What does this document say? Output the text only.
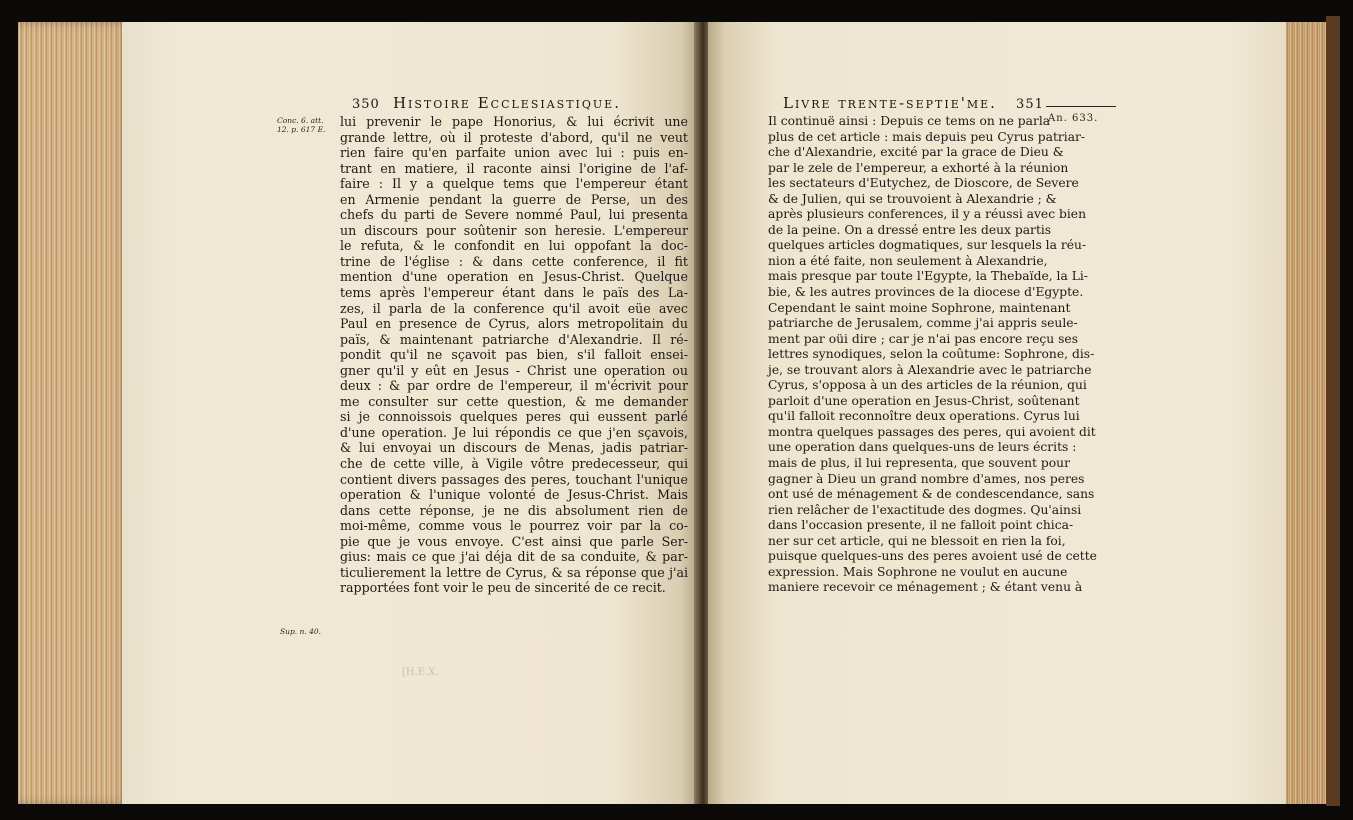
350 Histoire Ecclesiastique.
Conc. 6. att.
12. p. 617 E.
Sup. n. 40.
lui prevenir le pape Honorius, & lui écrivit une
grande lettre, où il proteste d'abord, qu'il ne veut
rien faire qu'en parfaite union avec lui : puis en-
trant en matiere, il raconte ainsi l'origine de l'af-
faire : Il y a quelque tems que l'empereur étant
en Armenie pendant la guerre de Perse, un des
chefs du parti de Severe nommé Paul, lui presenta
un discours pour soûtenir son heresie. L'empereur
le refuta, & le confondit en lui oppofant la doc-
trine de l'église : & dans cette conference, il fit
mention d'une operation en Jesus-Christ. Quelque
tems après l'empereur étant dans le païs des La-
zes, il parla de la conference qu'il avoit eüe avec
Paul en presence de Cyrus, alors metropolitain du
païs, & maintenant patriarche d'Alexandrie. Il ré-
pondit qu'il ne sçavoit pas bien, s'il falloit ensei-
gner qu'il y eût en Jesus - Christ une operation ou
deux : & par ordre de l'empereur, il m'écrivit pour
me consulter sur cette question, & me demander
si je connoissois quelques peres qui eussent parlé
d'une operation. Je lui répondis ce que j'en sçavois,
& lui envoyai un discours de Menas, jadis patriar-
che de cette ville, à Vigile vôtre predecesseur, qui
contient divers passages des peres, touchant l'unique
operation & l'unique volonté de Jesus-Christ. Mais
dans cette réponse, je ne dis absolument rien de
moi-même, comme vous le pourrez voir par la co-
pie que je vous envoye. C'est ainsi que parle Ser-
gius: mais ce que j'ai déja dit de sa conduite, & par-
ticulierement la lettre de Cyrus, & sa réponse que j'ai
rapportées font voir le peu de sincerité de ce recit.
[H.E.X.
Livre trente-septie'me. 351
An. 633.
Il continuë ainsi : Depuis ce tems on ne parla
plus de cet article : mais depuis peu Cyrus patriar-
che d'Alexandrie, excité par la grace de Dieu &
par le zele de l'empereur, a exhorté à la réunion
les sectateurs d'Eutychez, de Dioscore, de Severe
& de Julien, qui se trouvoient à Alexandrie ; &
après plusieurs conferences, il y a réussi avec bien
de la peine. On a dressé entre les deux partis
quelques articles dogmatiques, sur lesquels la réu-
nion a été faite, non seulement à Alexandrie,
mais presque par toute l'Egypte, la Thebaïde, la Li-
bie, & les autres provinces de la diocese d'Egypte.
Cependant le saint moine Sophrone, maintenant
patriarche de Jerusalem, comme j'ai appris seule-
ment par oüi dire ; car je n'ai pas encore reçu ses
lettres synodiques, selon la coûtume: Sophrone, dis-
je, se trouvant alors à Alexandrie avec le patriarche
Cyrus, s'opposa à un des articles de la réunion, qui
parloit d'une operation en Jesus-Christ, soûtenant
qu'il falloit reconnoître deux operations. Cyrus lui
montra quelques passages des peres, qui avoient dit
une operation dans quelques-uns de leurs écrits :
mais de plus, il lui representa, que souvent pour
gagner à Dieu un grand nombre d'ames, nos peres
ont usé de ménagement & de condescendance, sans
rien relâcher de l'exactitude des dogmes. Qu'ainsi
dans l'occasion presente, il ne falloit point chica-
ner sur cet article, qui ne blessoit en rien la foi,
puisque quelques-uns des peres avoient usé de cette
expression. Mais Sophrone ne voulut en aucune
maniere recevoir ce ménagement ; & étant venu à
